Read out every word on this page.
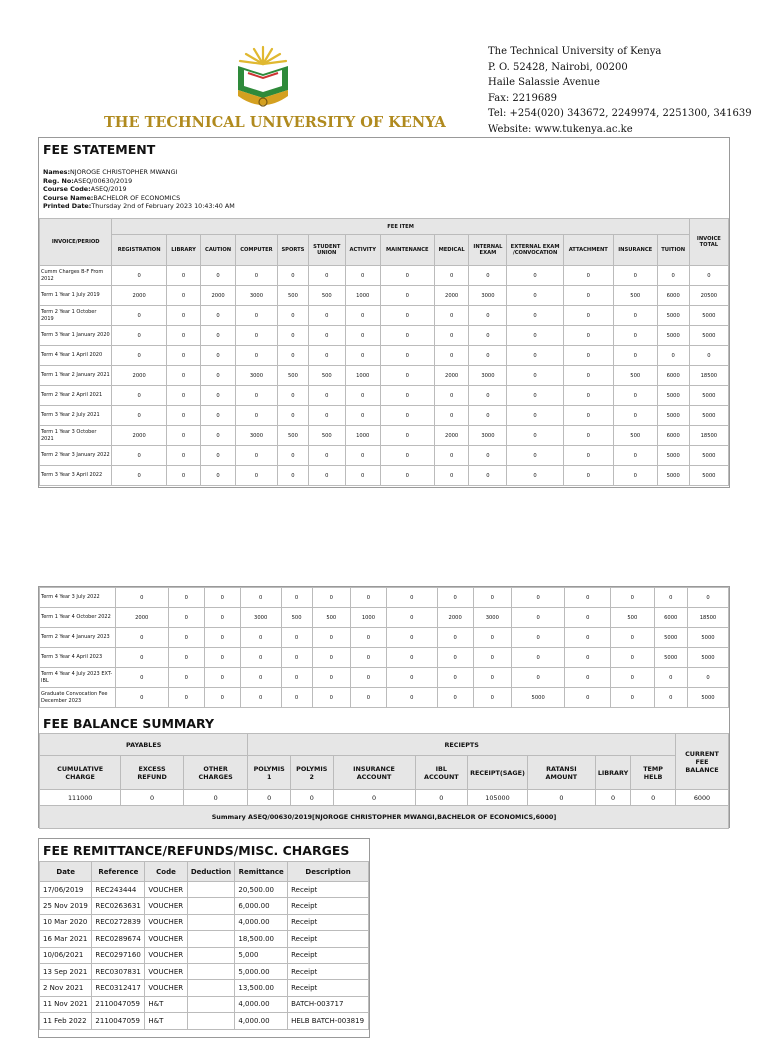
THE TECHNICAL UNIVERSITY OF KENYA
The Technical University of Kenya
P. O. 52428, Nairobi, 00200
Haile Salassie Avenue
Fax: 2219689
Tel: +254(020) 343672, 2249974, 2251300, 341639
Website: www.tukenya.ac.ke
FEE STATEMENT
Names:NJOROGE CHRISTOPHER MWANGI
Reg. No:ASEQ/00630/2019
Course Code:ASEQ/2019
Course Name:BACHELOR OF ECONOMICS
Printed Date:Thursday 2nd of February 2023 10:43:40 AM
INVOICE/PERIOD	FEE ITEM														INVOICE TOTAL
	REGISTRATION	LIBRARY	CAUTION	COMPUTER	SPORTS	STUDENT UNION	ACTIVITY	MAINTENANCE	MEDICAL	INTERNAL EXAM	EXTERNAL EXAM /CONVOCATION	ATTACHMENT	INSURANCE	TUITION	
Cumm Charges B-F From 2012	0	0	0	0	0	0	0	0	0	0	0	0	0	0	0
Term 1 Year 1 July 2019	2000	0	2000	3000	500	500	1000	0	2000	3000	0	0	500	6000	20500
Term 2 Year 1 October 2019	0	0	0	0	0	0	0	0	0	0	0	0	0	5000	5000
Term 3 Year 1 January 2020	0	0	0	0	0	0	0	0	0	0	0	0	0	5000	5000
Term 4 Year 1 April 2020	0	0	0	0	0	0	0	0	0	0	0	0	0	0	0
Term 1 Year 2 January 2021	2000	0	0	3000	500	500	1000	0	2000	3000	0	0	500	6000	18500
Term 2 Year 2 April 2021	0	0	0	0	0	0	0	0	0	0	0	0	0	5000	5000
Term 3 Year 2 July 2021	0	0	0	0	0	0	0	0	0	0	0	0	0	5000	5000
Term 1 Year 3 October 2021	2000	0	0	3000	500	500	1000	0	2000	3000	0	0	500	6000	18500
Term 2 Year 3 January 2022	0	0	0	0	0	0	0	0	0	0	0	0	0	5000	5000
Term 3 Year 3 April 2022	0	0	0	0	0	0	0	0	0	0	0	0	0	5000	5000
Term 4 Year 3 July 2022	0	0	0	0	0	0	0	0	0	0	0	0	0	0	0
Term 1 Year 4 October 2022	2000	0	0	3000	500	500	1000	0	2000	3000	0	0	500	6000	18500
Term 2 Year 4 January 2023	0	0	0	0	0	0	0	0	0	0	0	0	0	5000	5000
Term 3 Year 4 April 2023	0	0	0	0	0	0	0	0	0	0	0	0	0	5000	5000
Term 4 Year 4 July 2023 EXT-IBL	0	0	0	0	0	0	0	0	0	0	0	0	0	0	0
Graduate Convocation Fee December 2023	0	0	0	0	0	0	0	0	0	0	5000	0	0	0	5000
FEE BALANCE SUMMARY
PAYABLES			RECIEPTS								CURRENT FEE BALANCE
CUMULATIVE CHARGE	EXCESS REFUND	OTHER CHARGES	POLYMIS 1	POLYMIS 2	INSURANCE ACCOUNT	IBL ACCOUNT	RECEIPT(SAGE)	RATANSI AMOUNT	LIBRARY	TEMP HELB	
111000	0	0	0	0	0	0	105000	0	0	0	6000
Summary ASEQ/00630/2019[NJOROGE CHRISTOPHER MWANGI,BACHELOR OF ECONOMICS,6000]											
FEE REMITTANCE/REFUNDS/MISC. CHARGES
Date	Reference	Code	Deduction	Remittance	Description
17/06/2019	REC243444	VOUCHER		20,500.00	Receipt
25 Nov 2019	REC0263631	VOUCHER		6,000.00	Receipt
10 Mar 2020	REC0272839	VOUCHER		4,000.00	Receipt
16 Mar 2021	REC0289674	VOUCHER		18,500.00	Receipt
10/06/2021	REC0297160	VOUCHER		5,000	Receipt
13 Sep 2021	REC0307831	VOUCHER		5,000.00	Receipt
2 Nov 2021	REC0312417	VOUCHER		13,500.00	Receipt
11 Nov 2021	2110047059	H&T		4,000.00	BATCH-003717
11 Feb 2022	2110047059	H&T		4,000.00	HELB BATCH-003819
